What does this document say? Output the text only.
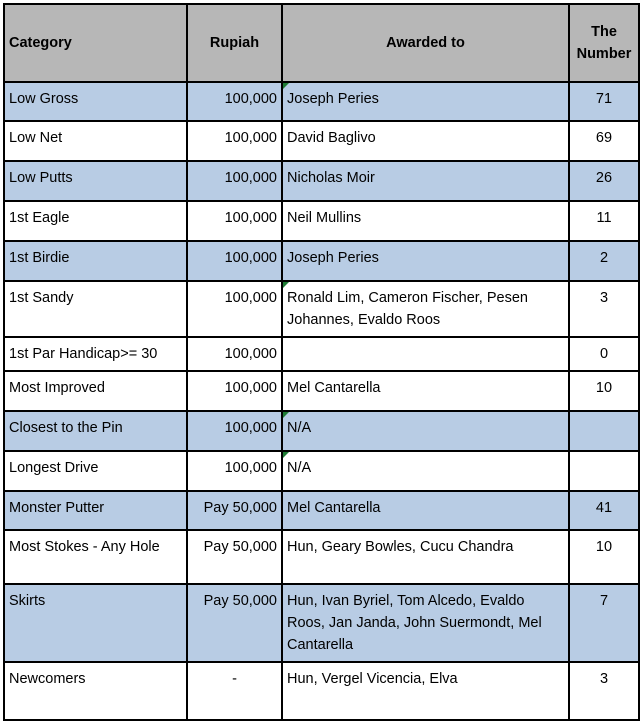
Category	Rupiah	Awarded to	The
Number
Low Gross	100,000	Joseph Peries	71
Low Net	100,000	David Baglivo	69
Low Putts	100,000	Nicholas Moir	26
1st Eagle	100,000	Neil Mullins	11
1st Birdie	100,000	Joseph Peries	2
1st Sandy	100,000	Ronald Lim, Cameron Fischer, Pesen Johannes, Evaldo Roos	3
1st Par Handicap>= 30	100,000		0
Most Improved	100,000	Mel Cantarella	10
Closest to the Pin	100,000	N/A	
Longest Drive	100,000	N/A	
Monster Putter	Pay 50,000	Mel Cantarella	41
Most Stokes - Any Hole	Pay 50,000	Hun, Geary Bowles, Cucu Chandra	10
Skirts	Pay 50,000	Hun, Ivan Byriel, Tom Alcedo, Evaldo Roos, Jan Janda, John Suermondt, Mel Cantarella	7
Newcomers	-	Hun, Vergel Vicencia, Elva	3
